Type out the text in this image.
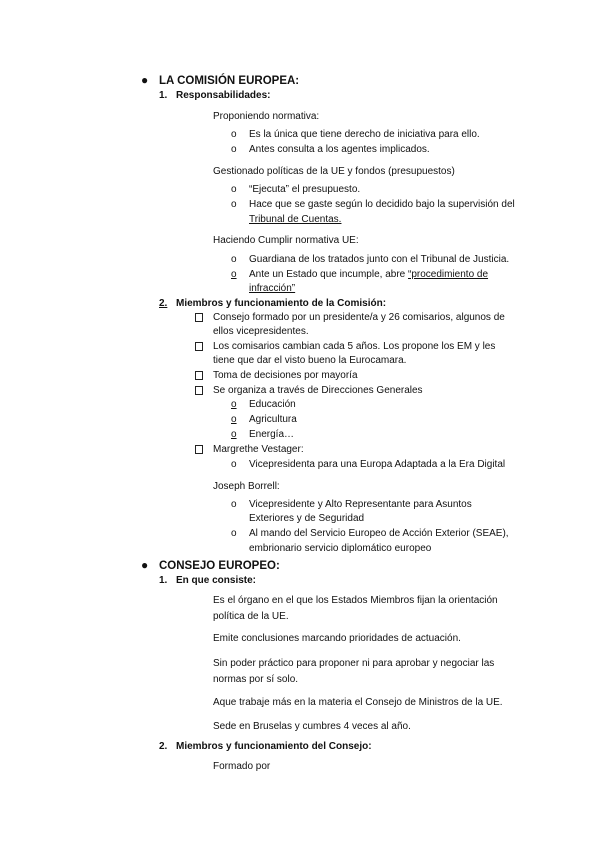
● LA COMISIÓN EUROPEA:
1. Responsabilidades:
Proponiendo normativa:
o Es la única que tiene derecho de iniciativa para ello.
o Antes consulta a los agentes implicados.
Gestionado políticas de la UE y fondos (presupuestos)
o “Ejecuta” el presupuesto.
o Hace que se gaste según lo decidido bajo la supervisión del
Tribunal de Cuentas.
Haciendo Cumplir normativa UE:
o Guardiana de los tratados junto con el Tribunal de Justicia.
o Ante un Estado que incumple, abre “procedimiento de
infracción”
2. Miembros y funcionamiento de la Comisión:
Consejo formado por un presidente/a y 26 comisarios, algunos de
ellos vicepresidentes.
Los comisarios cambian cada 5 años. Los propone los EM y les
tiene que dar el visto bueno la Eurocamara.
Toma de decisiones por mayoría
Se organiza a través de Direcciones Generales
o Educación
o Agricultura
o Energía…
Margrethe Vestager:
o Vicepresidenta para una Europa Adaptada a la Era Digital
Joseph Borrell:
o Vicepresidente y Alto Representante para Asuntos
Exteriores y de Seguridad
o Al mando del Servicio Europeo de Acción Exterior (SEAE),
embrionario servicio diplomático europeo
● CONSEJO EUROPEO:
1. En que consiste:
Es el órgano en el que los Estados Miembros fijan la orientación
política de la UE.
Emite conclusiones marcando prioridades de actuación.
Sin poder práctico para proponer ni para aprobar y negociar las
normas por sí solo.
Aque trabaje más en la materia el Consejo de Ministros de la UE.
Sede en Bruselas y cumbres 4 veces al año.
2. Miembros y funcionamiento del Consejo:
Formado por
